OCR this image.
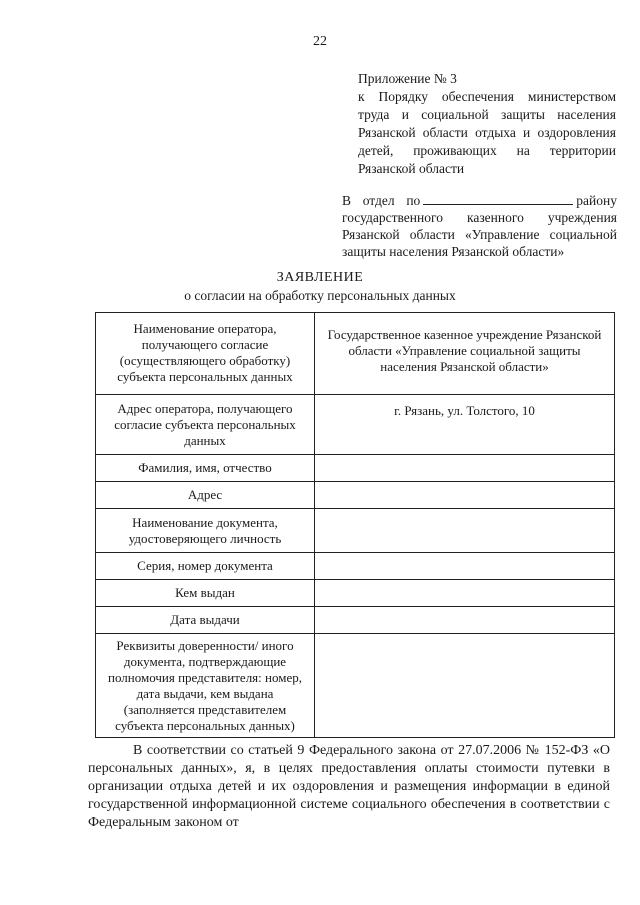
22
Приложение № 3
к Порядку обеспечения министерством труда и социальной защиты населения Рязанской области отдыха и оздоровления детей, проживающих на территории Рязанской области
В отдел по	району государственного казенного учреждения Рязанской области «Управление социальной защиты населения Рязанской области»
ЗАЯВЛЕНИЕ
о согласии на обработку персональных данных
Наименование оператора, получающего согласие (осуществляющего обработку) субъекта персональных данных	Государственное казенное учреждение Рязанской области «Управление социальной защиты населения Рязанской области»
Адрес оператора, получающего согласие субъекта персональных данных	г. Рязань, ул. Толстого, 10
Фамилия, имя, отчество	
Адрес	
Наименование документа, удостоверяющего личность	
Серия, номер документа	
Кем выдан	
Дата выдачи	
Реквизиты доверенности/ иного документа, подтверждающие полномочия представителя: номер, дата выдачи, кем выдана (заполняется представителем субъекта персональных данных)	
В соответствии со статьей 9 Федерального закона от 27.07.2006 № 152-ФЗ «О персональных данных», я, в целях предоставления оплаты стоимости путевки в организации отдыха детей и их оздоровления и размещения информации в единой государственной информационной системе социального обеспечения в соответствии с Федеральным законом от
